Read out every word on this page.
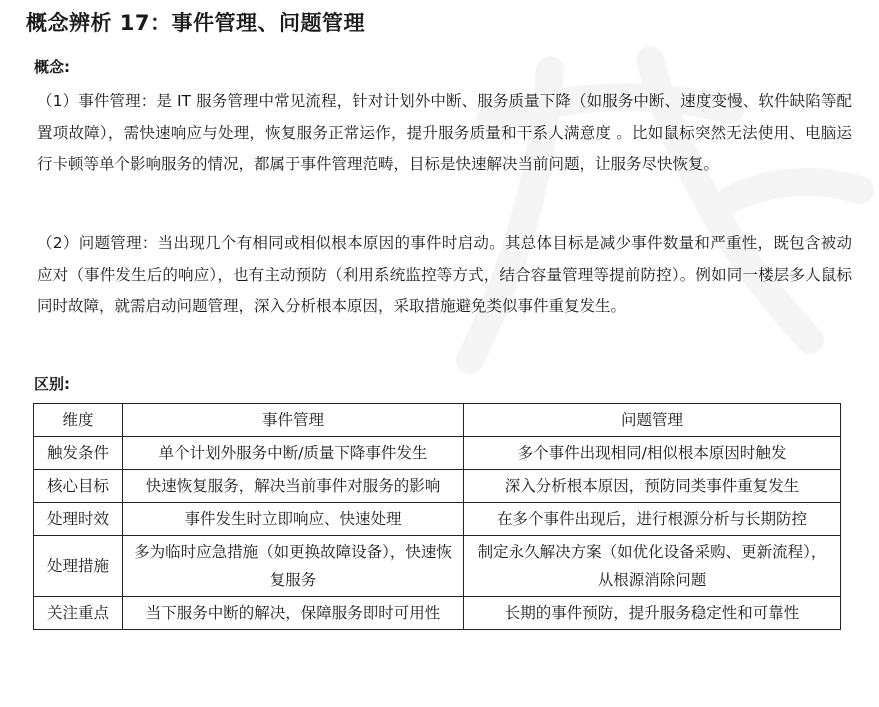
概念辨析 17：事件管理、问题管理

概念:

（1）事件管理：是 IT 服务管理中常见流程，针对计划外中断、服务质量下降（如服务中断、速度变慢、软件缺陷等配置项故障），需快速响应与处理，恢复服务正常运作，提升服务质量和干系人满意度 。比如鼠标突然无法使用、电脑运行卡顿等单个影响服务的情况，都属于事件管理范畴，目标是快速解决当前问题，让服务尽快恢复。

（2）问题管理：当出现几个有相同或相似根本原因的事件时启动。其总体目标是减少事件数量和严重性，既包含被动应对（事件发生后的响应），也有主动预防（利用系统监控等方式，结合容量管理等提前防控）。例如同一楼层多人鼠标同时故障，就需启动问题管理，深入分析根本原因，采取措施避免类似事件重复发生。

区别:

维度	事件管理	问题管理
触发条件	单个计划外服务中断/质量下降事件发生	多个事件出现相同/相似根本原因时触发
核心目标	快速恢复服务，解决当前事件对服务的影响	深入分析根本原因，预防同类事件重复发生
处理时效	事件发生时立即响应、快速处理	在多个事件出现后，进行根源分析与长期防控
处理措施	多为临时应急措施（如更换故障设备），快速恢复服务	制定永久解决方案（如优化设备采购、更新流程），从根源消除问题
关注重点	当下服务中断的解决，保障服务即时可用性	长期的事件预防，提升服务稳定性和可靠性
